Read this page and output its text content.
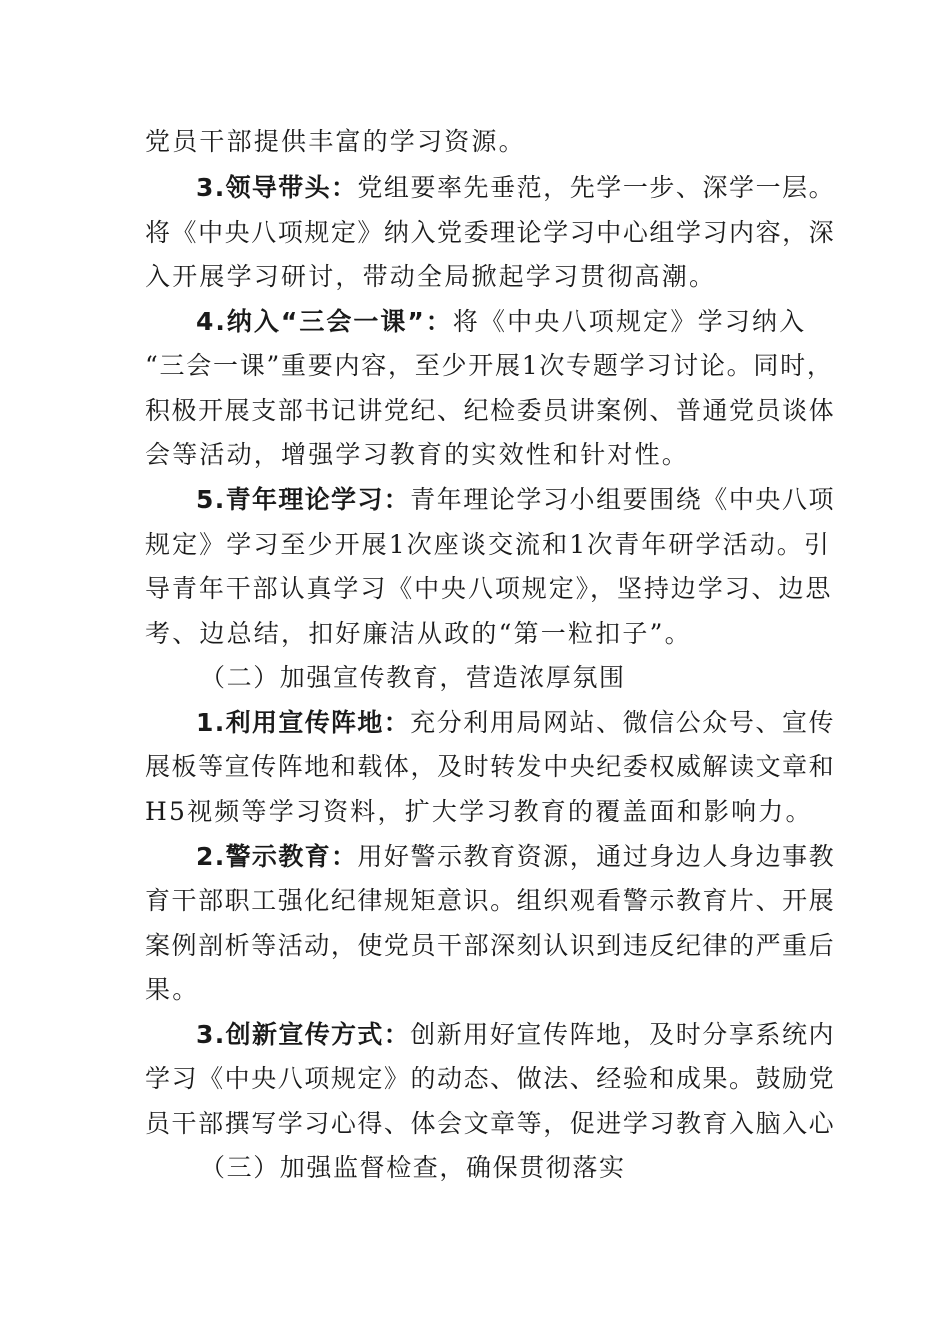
党员干部提供丰富的学习资源。
3.领导带头：党组要率先垂范，先学一步、深学一层。
将《中央八项规定》纳入党委理论学习中心组学习内容，深
入开展学习研讨，带动全局掀起学习贯彻高潮。
4.纳入“三会一课”：将《中央八项规定》学习纳入
“三会一课”重要内容，至少开展1次专题学习讨论。同时，
积极开展支部书记讲党纪、纪检委员讲案例、普通党员谈体
会等活动，增强学习教育的实效性和针对性。
5.青年理论学习：青年理论学习小组要围绕《中央八项
规定》学习至少开展1次座谈交流和1次青年研学活动。引
导青年干部认真学习《中央八项规定》，坚持边学习、边思
考、边总结，扣好廉洁从政的“第一粒扣子”。
（二）加强宣传教育，营造浓厚氛围
1.利用宣传阵地：充分利用局网站、微信公众号、宣传
展板等宣传阵地和载体，及时转发中央纪委权威解读文章和
H5视频等学习资料，扩大学习教育的覆盖面和影响力。
2.警示教育：用好警示教育资源，通过身边人身边事教
育干部职工强化纪律规矩意识。组织观看警示教育片、开展
案例剖析等活动，使党员干部深刻认识到违反纪律的严重后
果。
3.创新宣传方式：创新用好宣传阵地，及时分享系统内
学习《中央八项规定》的动态、做法、经验和成果。鼓励党
员干部撰写学习心得、体会文章等，促进学习教育入脑入心
（三）加强监督检查，确保贯彻落实
